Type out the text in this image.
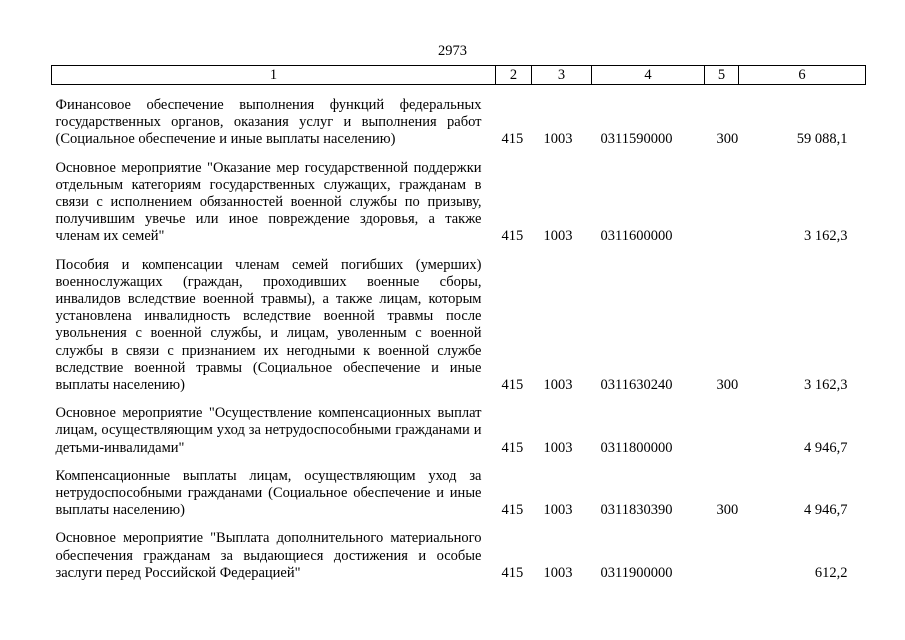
2973
1	2	3	4	5	6
Финансовое обеспечение выполнения функций федеральных государственных органов, оказания услуг и выполнения работ (Социальное обеспечение и иные выплаты населению)	415	1003	0311590000	300	59 088,1
Основное мероприятие "Оказание мер государственной поддержки отдельным категориям государственных служащих, гражданам в связи с исполнением обязанностей военной службы по призыву, получившим увечье или иное повреждение здоровья, а также членам их семей"	415	1003	0311600000		3 162,3
Пособия и компенсации членам семей погибших (умерших) военнослужащих (граждан, проходивших военные сборы, инвалидов вследствие военной травмы), а также лицам, которым установлена инвалидность вследствие военной травмы после увольнения с военной службы, и лицам, уволенным с военной службы в связи с признанием их негодными к военной службе вследствие военной травмы (Социальное обеспечение и иные выплаты населению)	415	1003	0311630240	300	3 162,3
Основное мероприятие "Осуществление компенсационных выплат лицам, осуществляющим уход за нетрудоспособными гражданами и детьми-инвалидами"	415	1003	0311800000		4 946,7
Компенсационные выплаты лицам, осуществляющим уход за нетрудоспособными гражданами (Социальное обеспечение и иные выплаты населению)	415	1003	0311830390	300	4 946,7
Основное мероприятие "Выплата дополнительного материального обеспечения гражданам за выдающиеся достижения и особые заслуги перед Российской Федерацией"	415	1003	0311900000		612,2
